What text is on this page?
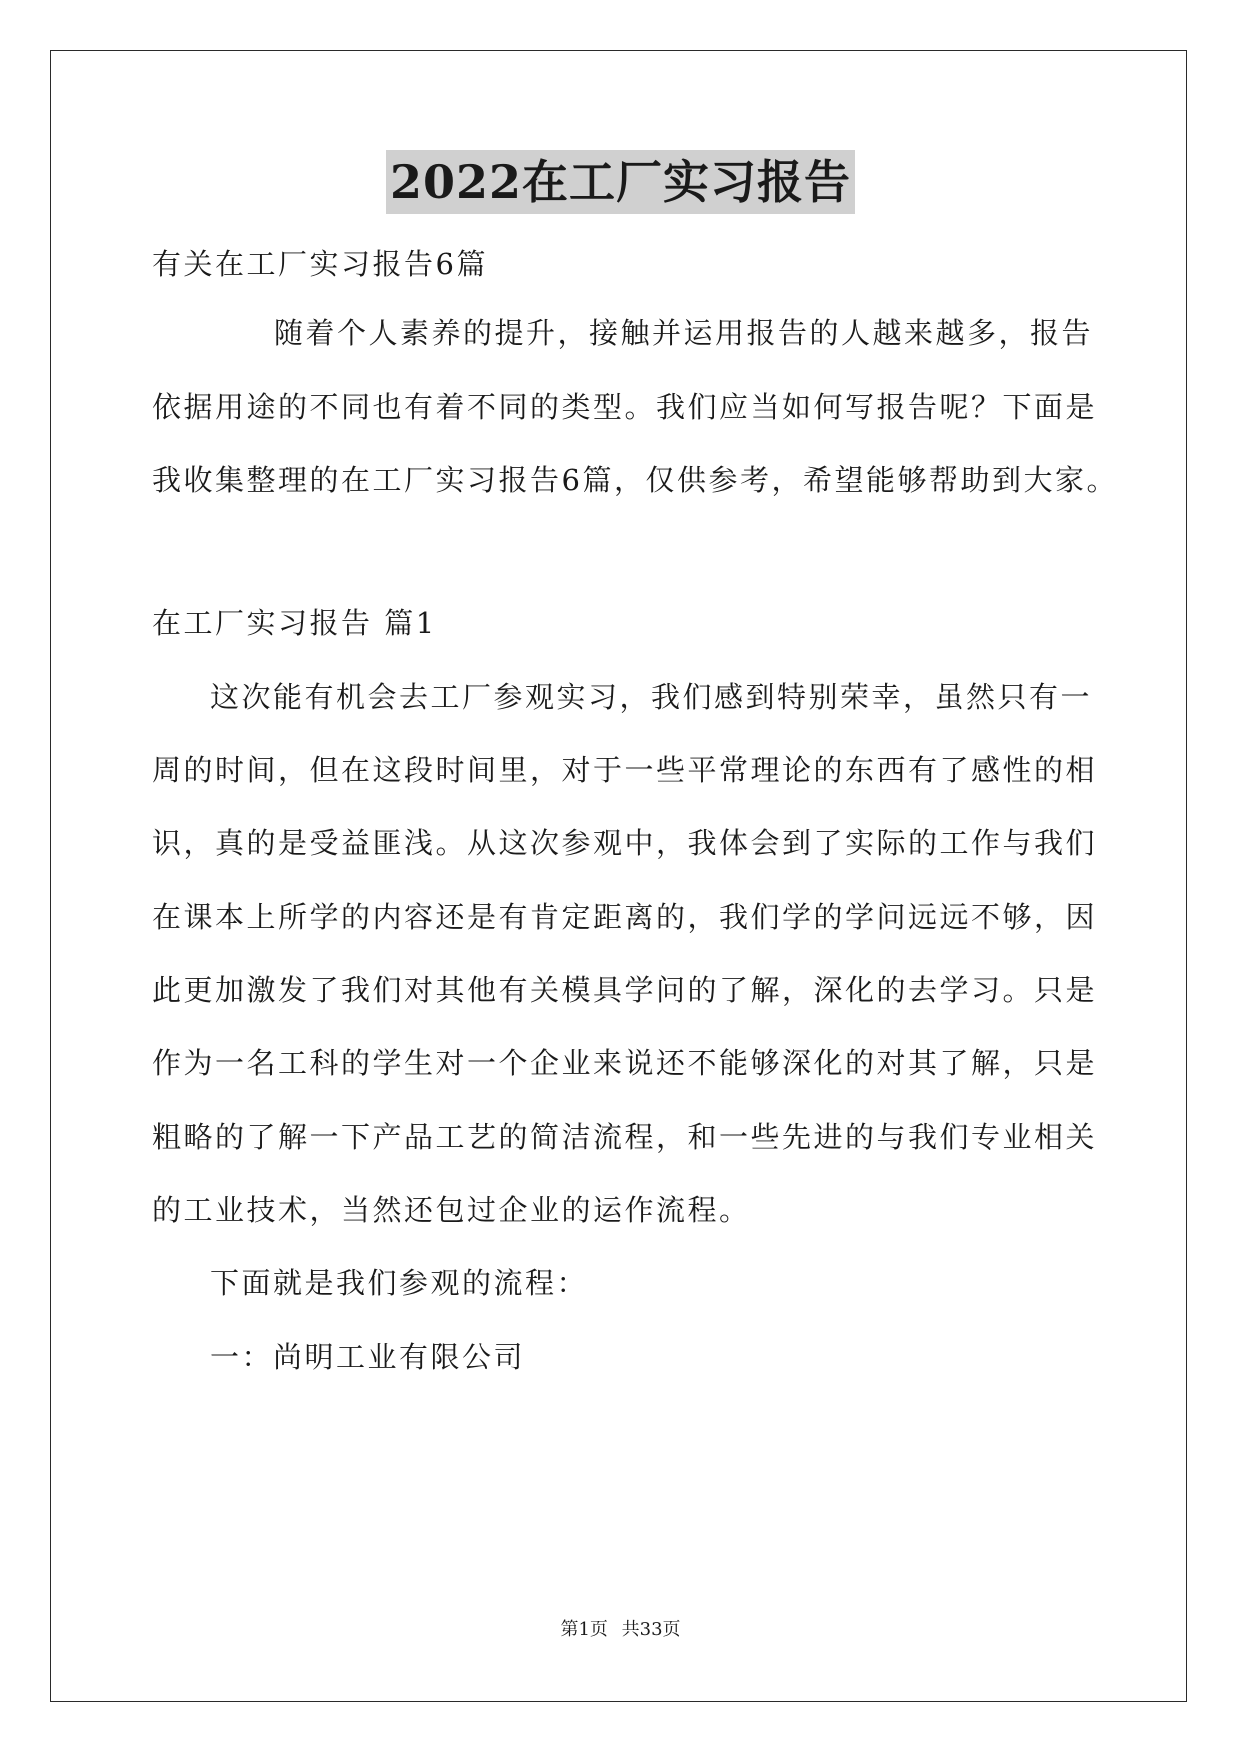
2022在工厂实习报告
有关在工厂实习报告6篇
随着个人素养的提升，接触并运用报告的人越来越多，报告
依据用途的不同也有着不同的类型。我们应当如何写报告呢？下面是
我收集整理的在工厂实习报告6篇，仅供参考，希望能够帮助到大家。
在工厂实习报告 篇1
这次能有机会去工厂参观实习，我们感到特别荣幸，虽然只有一
周的时间，但在这段时间里，对于一些平常理论的东西有了感性的相
识，真的是受益匪浅。从这次参观中，我体会到了实际的工作与我们
在课本上所学的内容还是有肯定距离的，我们学的学问远远不够，因
此更加激发了我们对其他有关模具学问的了解，深化的去学习。只是
作为一名工科的学生对一个企业来说还不能够深化的对其了解，只是
粗略的了解一下产品工艺的简洁流程，和一些先进的与我们专业相关
的工业技术，当然还包过企业的运作流程。
下面就是我们参观的流程：
一：尚明工业有限公司
第1页 共33页
